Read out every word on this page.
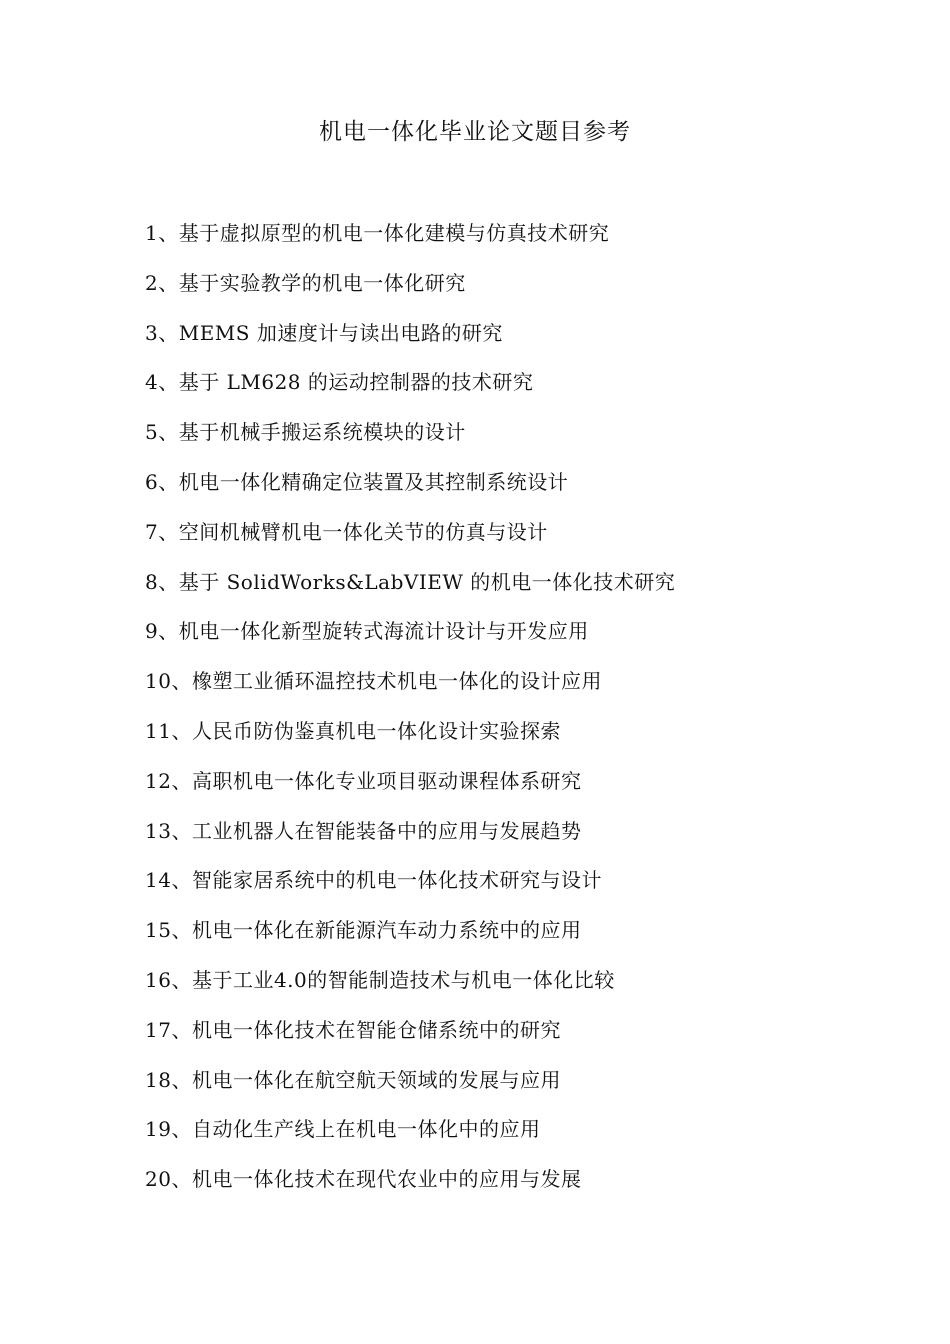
机电一体化毕业论文题目参考
1、基于虚拟原型的机电一体化建模与仿真技术研究
2、基于实验教学的机电一体化研究
3、MEMS 加速度计与读出电路的研究
4、基于 LM628 的运动控制器的技术研究
5、基于机械手搬运系统模块的设计
6、机电一体化精确定位装置及其控制系统设计
7、空间机械臂机电一体化关节的仿真与设计
8、基于 SolidWorks&LabVIEW 的机电一体化技术研究
9、机电一体化新型旋转式海流计设计与开发应用
10、橡塑工业循环温控技术机电一体化的设计应用
11、人民币防伪鉴真机电一体化设计实验探索
12、高职机电一体化专业项目驱动课程体系研究
13、工业机器人在智能装备中的应用与发展趋势
14、智能家居系统中的机电一体化技术研究与设计
15、机电一体化在新能源汽车动力系统中的应用
16、基于工业4.0的智能制造技术与机电一体化比较
17、机电一体化技术在智能仓储系统中的研究
18、机电一体化在航空航天领域的发展与应用
19、自动化生产线上在机电一体化中的应用
20、机电一体化技术在现代农业中的应用与发展
